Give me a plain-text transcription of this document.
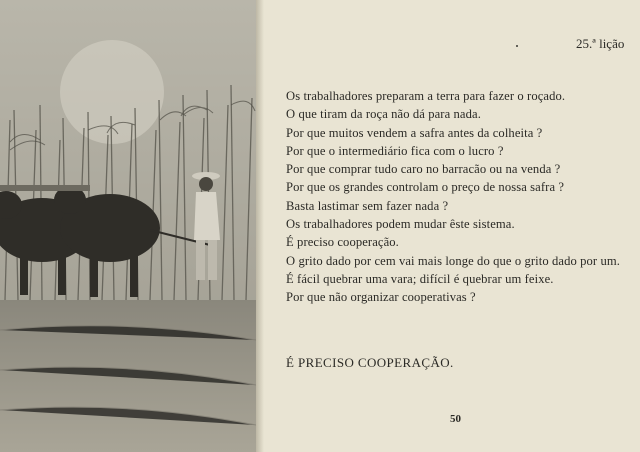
25.ª lição
Os trabalhadores preparam a terra para fazer o roçado.
O que tiram da roça não dá para nada.
Por que muitos vendem a safra antes da colheita ?
Por que o intermediário fica com o lucro ?
Por que comprar tudo caro no barracão ou na venda ?
Por que os grandes controlam o preço de nossa safra ?
Basta lastimar sem fazer nada ?
Os trabalhadores podem mudar êste sistema.
É preciso cooperação.
O grito dado por cem vai mais longe do que o grito dado por um.
É fácil quebrar uma vara; difícil é quebrar um feixe.
Por que não organizar cooperativas ?
É PRECISO COOPERAÇÃO.
50
